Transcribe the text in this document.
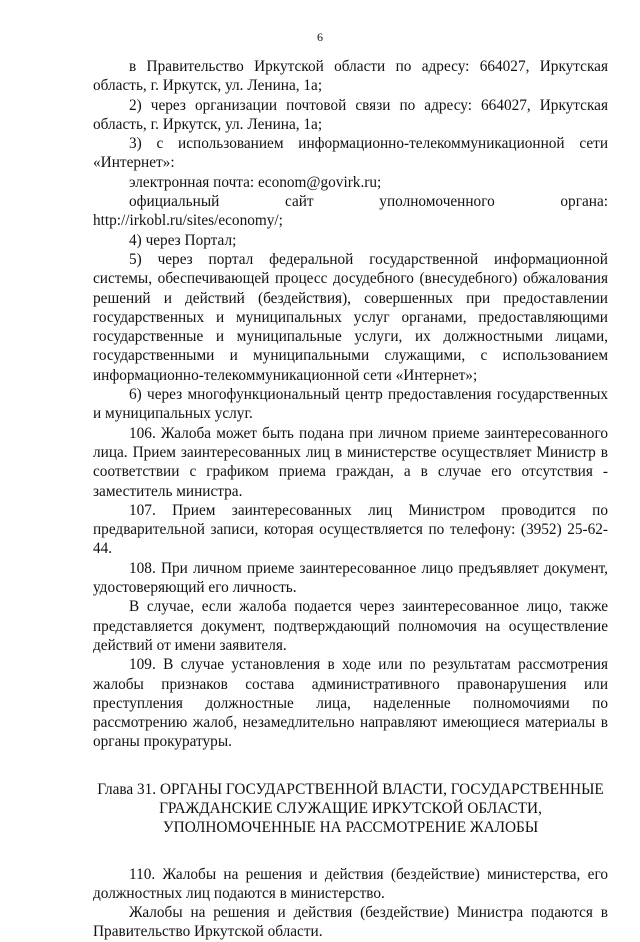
6

в Правительство Иркутской области по адресу: 664027, Иркутская область, г. Иркутск, ул. Ленина, 1а;

2) через организации почтовой связи по адресу: 664027, Иркутская область, г. Иркутск, ул. Ленина, 1а;

3) с использованием информационно-телекоммуникационной сети «Интернет»:

электронная почта: econom@govirk.ru;

официальный	сайт	уполномоченного	органа:

http://irkobl.ru/sites/economy/;

4) через Портал;

5) через портал федеральной государственной информационной системы, обеспечивающей процесс досудебного (внесудебного) обжалования решений и действий (бездействия), совершенных при предоставлении государственных и муниципальных услуг органами, предоставляющими государственные и муниципальные услуги, их должностными лицами, государственными и муниципальными служащими, с использованием информационно-телекоммуникационной сети «Интернет»;

6) через многофункциональный центр предоставления государственных и муниципальных услуг.

106. Жалоба может быть подана при личном приеме заинтересованного лица. Прием заинтересованных лиц в министерстве осуществляет Министр в соответствии с графиком приема граждан, а в случае его отсутствия - заместитель министра.

107. Прием заинтересованных лиц Министром проводится по предварительной записи, которая осуществляется по телефону: (3952) 25-62-44.

108. При личном приеме заинтересованное лицо предъявляет документ, удостоверяющий его личность.

В случае, если жалоба подается через заинтересованное лицо, также представляется документ, подтверждающий полномочия на осуществление действий от имени заявителя.

109. В случае установления в ходе или по результатам рассмотрения жалобы признаков состава административного правонарушения или преступления должностные лица, наделенные полномочиями по рассмотрению жалоб, незамедлительно направляют имеющиеся материалы в органы прокуратуры.

Глава 31. ОРГАНЫ ГОСУДАРСТВЕННОЙ ВЛАСТИ, ГОСУДАРСТВЕННЫЕ
ГРАЖДАНСКИЕ СЛУЖАЩИЕ ИРКУТСКОЙ ОБЛАСТИ,
УПОЛНОМОЧЕННЫЕ НА РАССМОТРЕНИЕ ЖАЛОБЫ

110. Жалобы на решения и действия (бездействие) министерства, его должностных лиц подаются в министерство.

Жалобы на решения и действия (бездействие) Министра подаются в Правительство Иркутской области.
